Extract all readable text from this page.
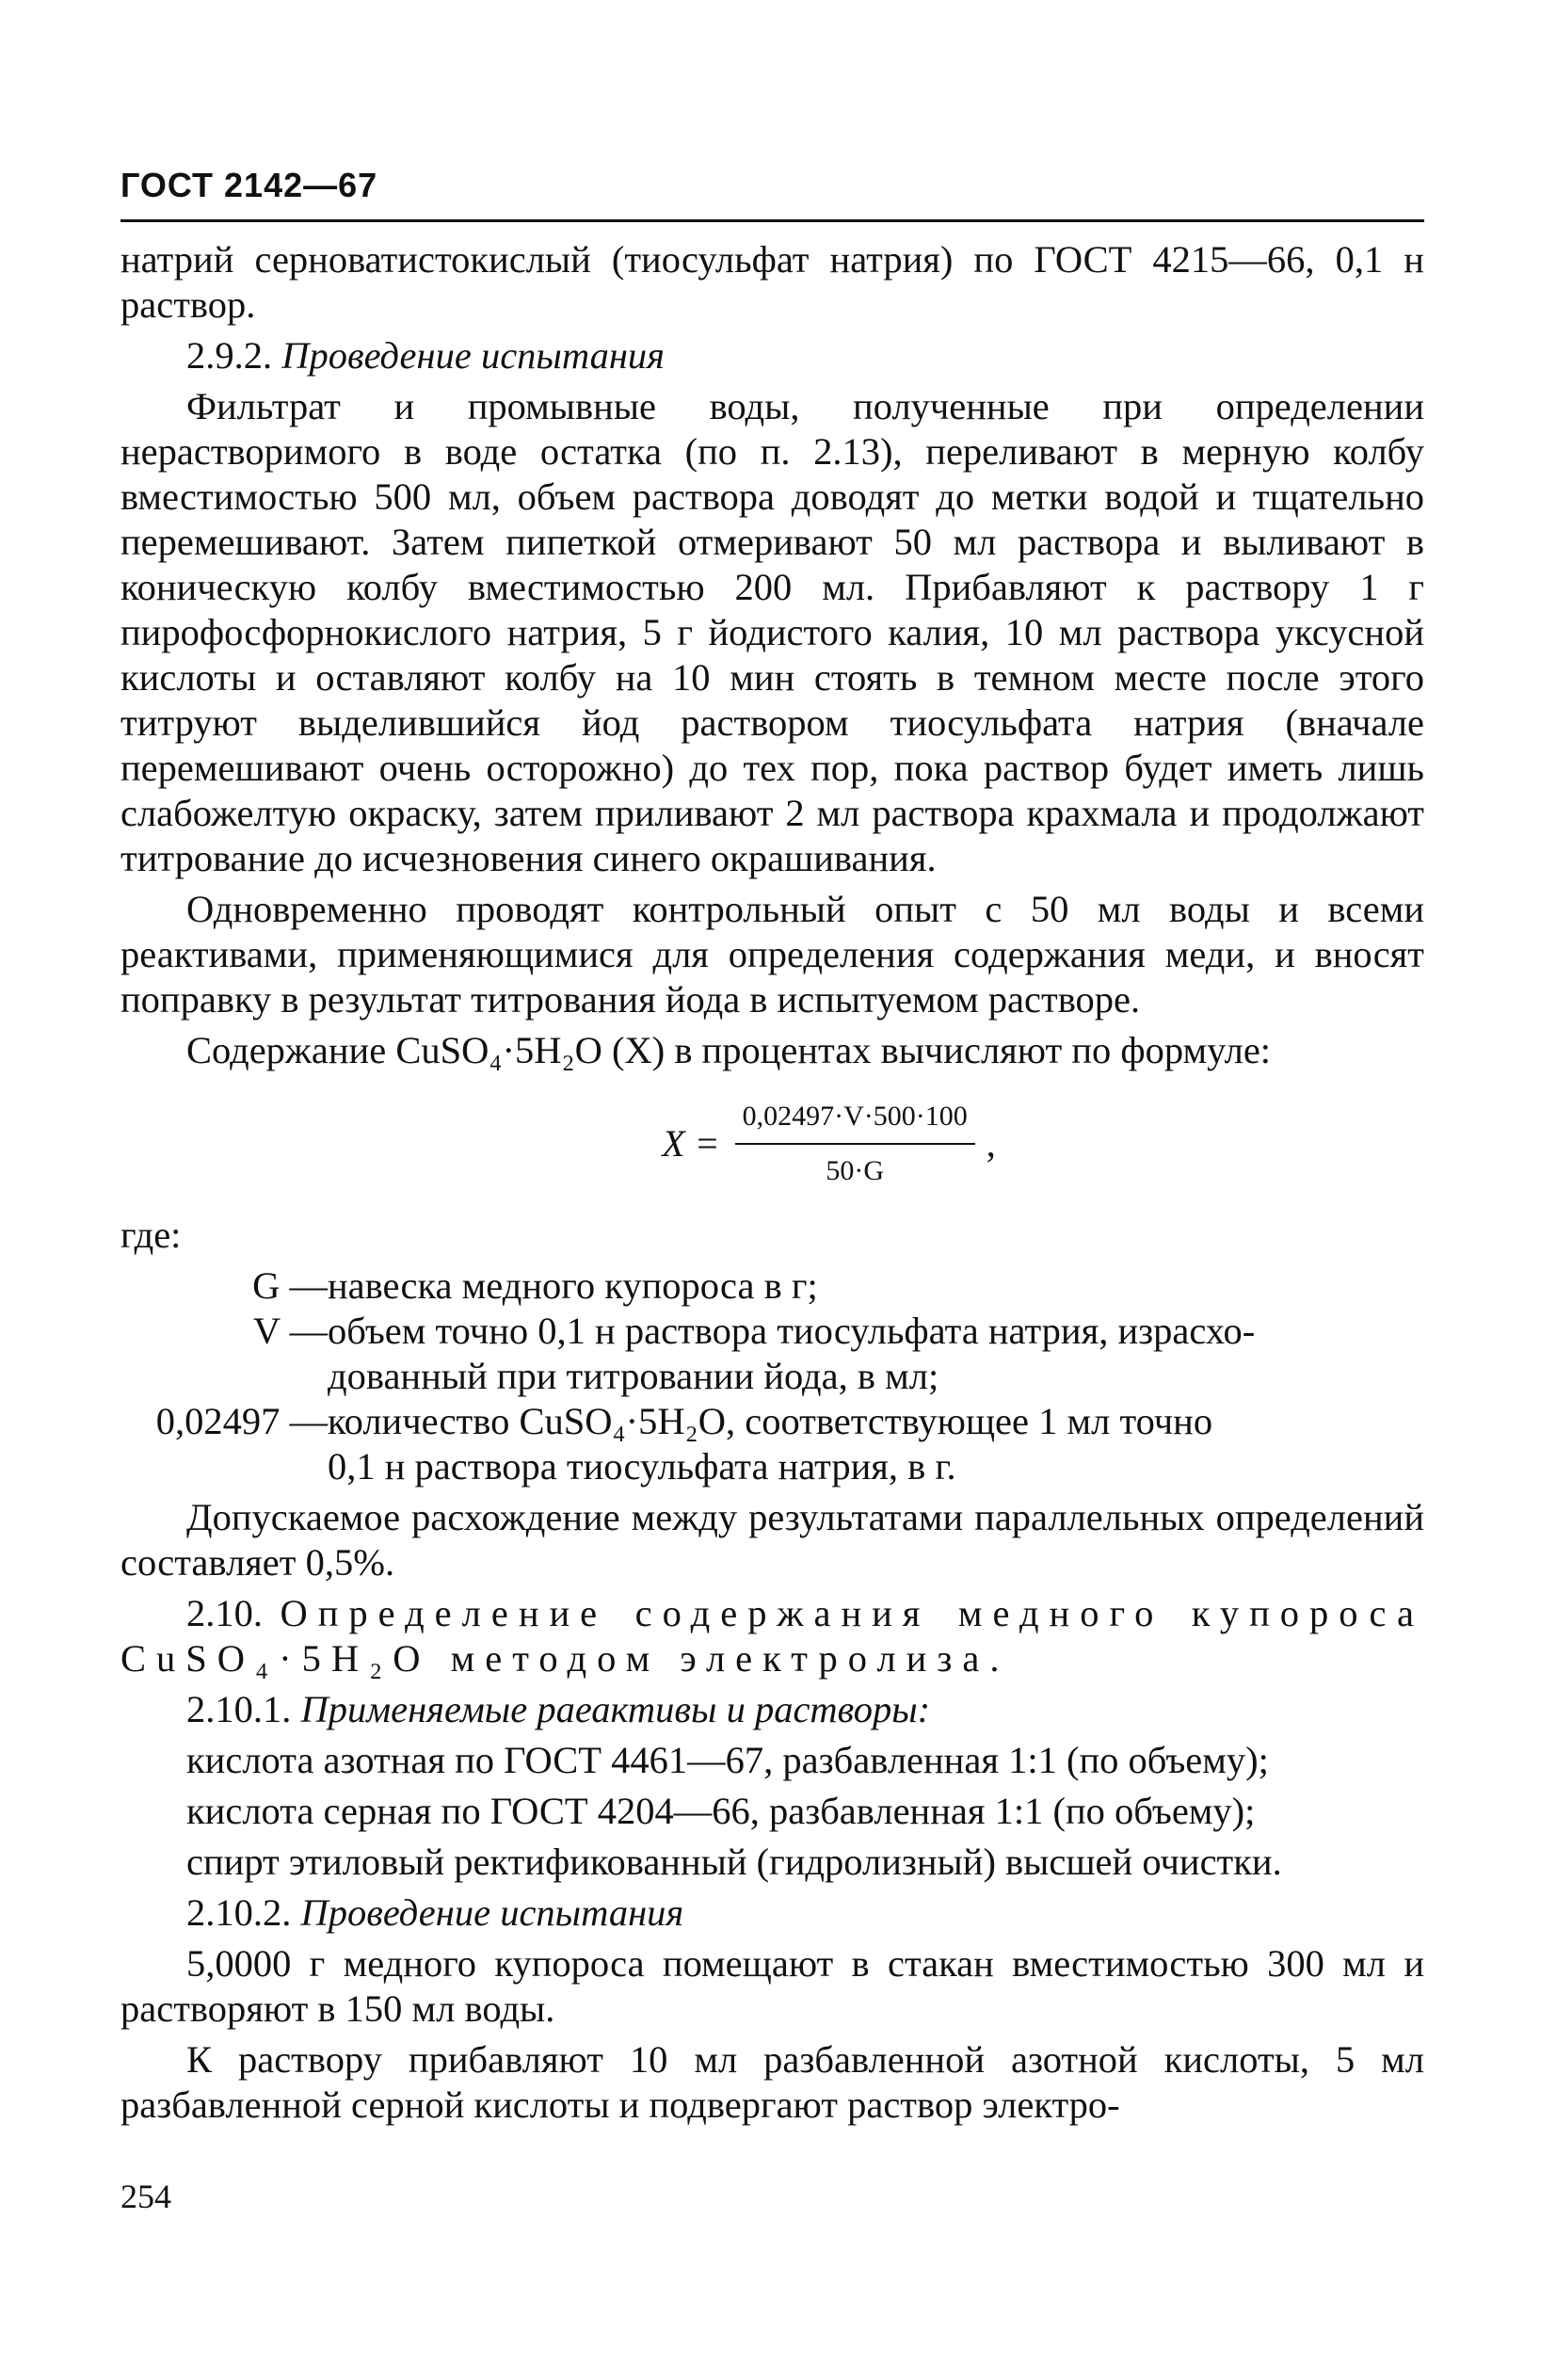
ГОСТ 2142—67

натрий серноватистокислый (тиосульфат натрия) по ГОСТ 4215—66, 0,1 н раствор.

2.9.2. Проведение испытания

Фильтрат и промывные воды, полученные при определении нерастворимого в воде остатка (по п. 2.13), переливают в мерную колбу вместимостью 500 мл, объем раствора доводят до метки водой и тщательно перемешивают. Затем пипеткой отмеривают 50 мл раствора и выливают в коническую колбу вместимостью 200 мл. Прибавляют к раствору 1 г пирофосфорнокислого натрия, 5 г йодистого калия, 10 мл раствора уксусной кислоты и оставляют колбу на 10 мин стоять в темном месте после этого титруют выделившийся йод раствором тиосульфата натрия (вначале перемешивают очень осторожно) до тех пор, пока раствор будет иметь лишь слабожелтую окраску, затем приливают 2 мл раствора крахмала и продолжают титрование до исчезновения синего окрашивания.

Одновременно проводят контрольный опыт с 50 мл воды и всеми реактивами, применяющимися для определения содержания меди, и вносят поправку в результат титрования йода в испытуемом растворе.

Содержание CuSO₄·5H₂O (X) в процентах вычисляют по формуле:

$X = \frac{0,02497\cdot V\cdot 500\cdot 100}{50\cdot G}$ ,

где:

G — навеска медного купороса в г;
V — объем точно 0,1 н раствора тиосульфата натрия, израсхо-
дованный при титровании йода, в мл;
0,02497 — количество CuSO₄·5H₂O, соответствующее 1 мл точно
0,1 н раствора тиосульфата натрия, в г.

Допускаемое расхождение между результатами параллельных определений составляет 0,5%.

2.10. Определение содержания медного купороса CuSO₄·5H₂O методом электролиза.

2.10.1. Применяемые раеактивы и растворы:

кислота азотная по ГОСТ 4461—67, разбавленная 1:1 (по объему);

кислота серная по ГОСТ 4204—66, разбавленная 1:1 (по объему);

спирт этиловый ректификованный (гидролизный) высшей очистки.

2.10.2. Проведение испытания

5,0000 г медного купороса помещают в стакан вместимостью 300 мл и растворяют в 150 мл воды.

К раствору прибавляют 10 мл разбавленной азотной кислоты, 5 мл разбавленной серной кислоты и подвергают раствор электро-

254
